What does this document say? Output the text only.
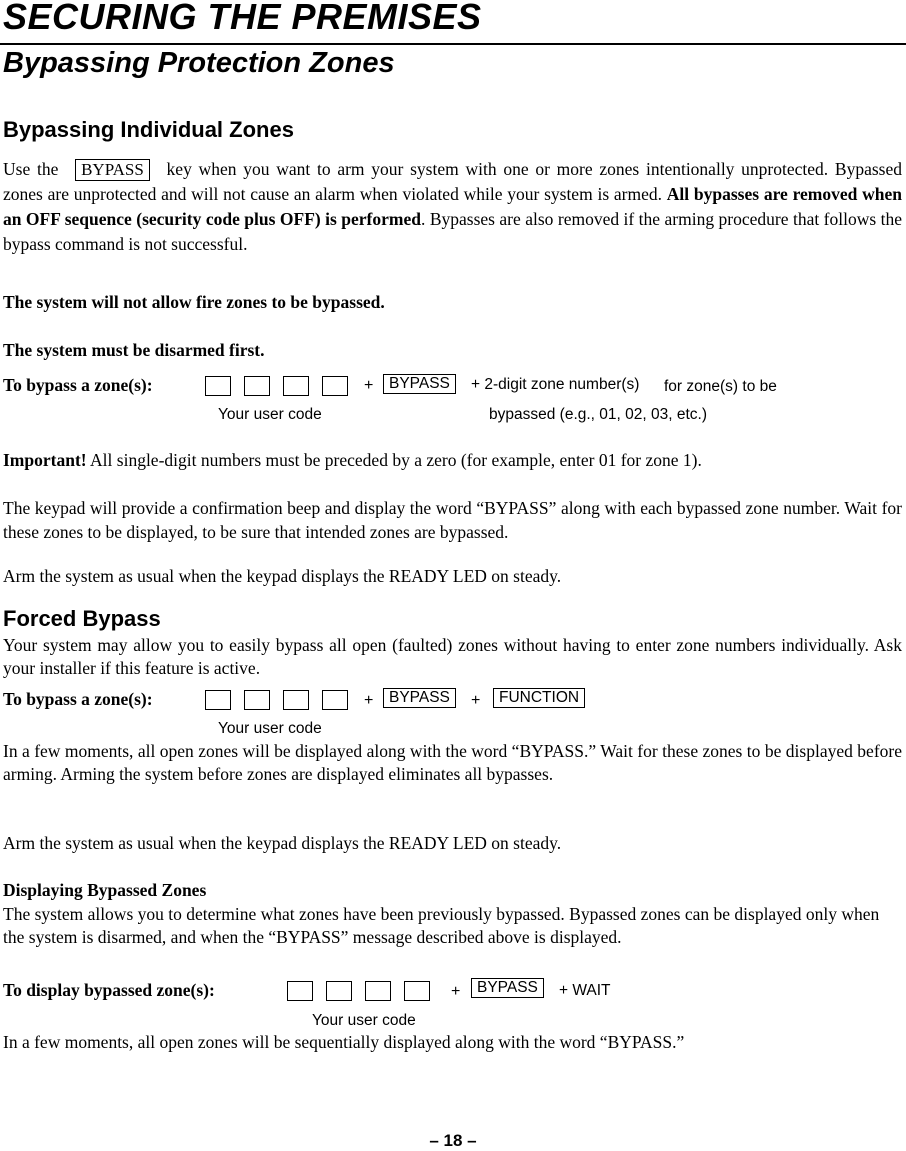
SECURING THE PREMISES
Bypassing Protection Zones
Bypassing Individual Zones
Use the BYPASS key when you want to arm your system with one or more zones intentionally unprotected. Bypassed zones are unprotected and will not cause an alarm when violated while your system is armed. All bypasses are removed when an OFF sequence (security code plus OFF) is performed. Bypasses are also removed if the arming procedure that follows the bypass command is not successful.
The system will not allow fire zones to be bypassed.
The system must be disarmed first.
To bypass a zone(s):	+	BYPASS	+ 2-digit zone number(s) for zone(s) to be
Your user code	bypassed (e.g., 01, 02, 03, etc.)
Important! All single-digit numbers must be preceded by a zero (for example, enter 01 for zone 1).
The keypad will provide a confirmation beep and display the word “BYPASS” along with each bypassed zone number. Wait for these zones to be displayed, to be sure that intended zones are bypassed.
Arm the system as usual when the keypad displays the READY LED on steady.
Forced Bypass
Your system may allow you to easily bypass all open (faulted) zones without having to enter zone numbers individually. Ask your installer if this feature is active.
To bypass a zone(s):	+	BYPASS	+	FUNCTION
Your user code
In a few moments, all open zones will be displayed along with the word “BYPASS.” Wait for these zones to be displayed before arming. Arming the system before zones are displayed eliminates all bypasses.
Arm the system as usual when the keypad displays the READY LED on steady.
Displaying Bypassed Zones
The system allows you to determine what zones have been previously bypassed. Bypassed zones can be displayed only when the system is disarmed, and when the “BYPASS” message described above is displayed.
To display bypassed zone(s):	+	BYPASS	+ WAIT
Your user code
In a few moments, all open zones will be sequentially displayed along with the word “BYPASS.”
– 18 –
